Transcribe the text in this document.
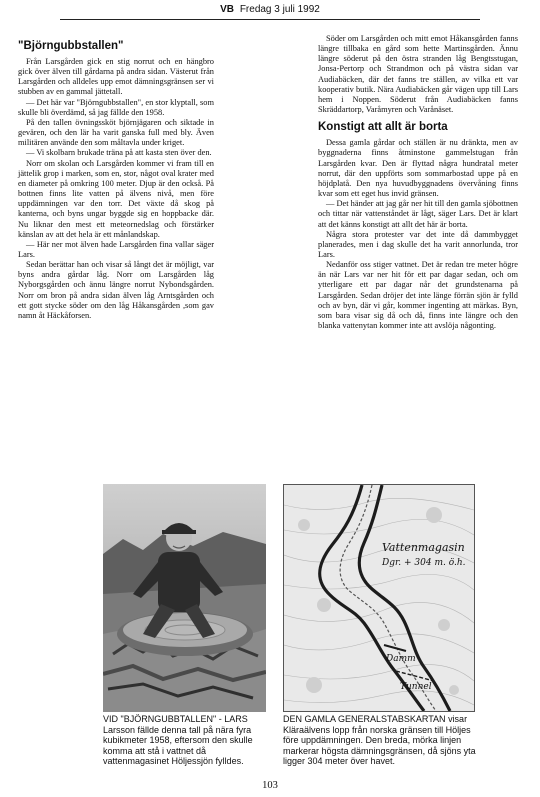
VB Fredag 3 juli 1992
"Björngubbstallen"

Från Larsgården gick en stig norrut och en hängbro gick över älven till gårdarna på andra sidan. Västerut från Larsgården och alldeles upp emot dämningsgränsen ser vi stubben av en gammal jättetall.

— Det här var "Björngubbstallen", en stor klyptall, som skulle bli överdämd, så jag fällde den 1958.

På den tallen övningssköt björnjägaren och siktade in gevären, och den lär ha varit ganska full med bly. Även militären använde den som måltavla under kriget.

— Vi skolbarn brukade träna på att kasta sten över den.

Norr om skolan och Larsgården kommer vi fram till en jättelik grop i marken, som en, stor, något oval krater med en diameter på omkring 100 meter. Djup är den också. På bottnen finns lite vatten på älvens nivå, men före uppdämningen var den torr. Det växte då skog på kanterna, och byns ungar byggde sig en hoppbacke där. Nu liknar den mest ett meteornedslag och förstärker känslan av att det hela är ett månlandskap.

— Här ner mot älven hade Larsgården fina vallar säger Lars.

Sedan berättar han och visar så långt det är möjligt, var byns andra gårdar låg. Norr om Larsgården låg Nyborgsgården och ännu längre norrut Nybondsgården. Norr om bron på andra sidan älven låg Arntsgården och ett gott stycke söder om den låg Håkansgården ,som gav namn åt Häckåforsen.

Söder om Larsgården och mitt emot Håkansgården fanns längre tillbaka en gård som hette Martinsgården. Ännu längre söderut på den östra stranden låg Bengtsstugan, Jonsa-Pertorp och Strandmon och på västra sidan var Audiabäcken, där det fanns tre ställen, av vilka ett var kooperativ butik. Nära Audiabäcken går vägen upp till Lars hem i Noppen. Söderut från Audiabäcken fanns Skräddartorp, Varåmyren och Varånäset.

Konstigt att allt är borta

Dessa gamla gårdar och ställen är nu dränkta, men av byggnaderna finns åtminstone gammelstugan från Larsgården kvar. Den är flyttad några hundratal meter norrut, där den uppförts som sommarbostad uppe på en höjdplatå. Den nya huvudbyggnadens övervåning finns kvar som ett eget hus invid gränsen.

— Det händer att jag går ner hit till den gamla sjöbottnen och tittar när vattenståndet är lågt, säger Lars. Det är klart att det känns konstigt att allt det här är borta.

Några stora protester var det inte då dammbygget planerades, men i dag skulle det ha varit annorlunda, tror Lars.

Nedanför oss stiger vattnet. Det är redan tre meter högre än när Lars var ner hit för ett par dagar sedan, och om ytterligare ett par dagar når det grundstenarna på Larsgården. Sedan dröjer det inte länge förrän sjön är fylld och av byn, där vi går, kommer ingenting att märkas. Byn, som bara visar sig då och då, finns inte längre och den blanka vattenytan kommer inte att avslöja någonting.

Vattenmagasin
Dgr. + 304 m. ö.h.
Damm
Tunnel
VID "BJÖRNGUBBTALLEN" - LARS Larsson fällde denna tall på nära fyra kubikmeter 1958, eftersom den skulle komma att stå i vattnet då vattenmagasinet Höljessjön fylldes.
DEN GAMLA GENERALSTABSKARTAN visar Kläraälvens lopp från norska gränsen till Höljes före uppdämningen. Den breda, mörka linjen markerar högsta dämningsgränsen, då sjöns yta ligger 304 meter över havet.
103
